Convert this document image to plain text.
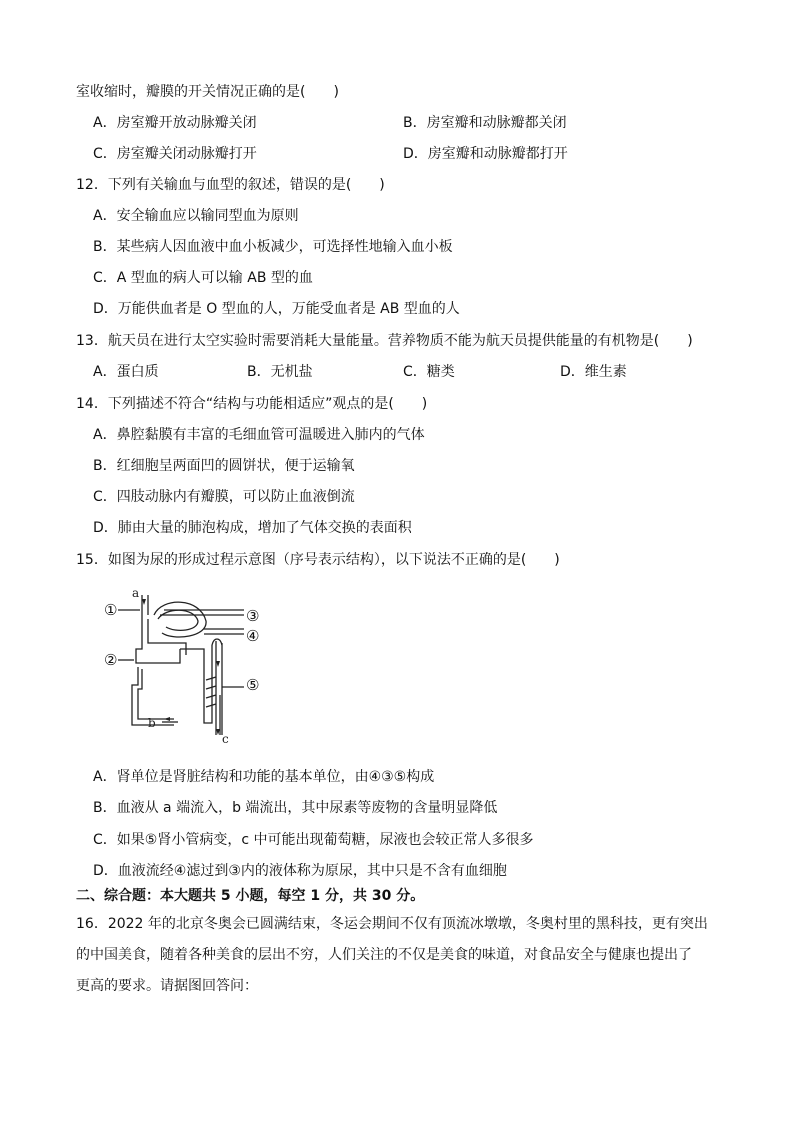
室收缩时，瓣膜的开关情况正确的是(　　)
A．房室瓣开放动脉瓣关闭	B．房室瓣和动脉瓣都关闭
C．房室瓣关闭动脉瓣打开	D．房室瓣和动脉瓣都打开
12．下列有关输血与血型的叙述，错误的是(　　)
A．安全输血应以输同型血为原则
B．某些病人因血液中血小板减少，可选择性地输入血小板
C．A 型血的病人可以输 AB 型的血
D．万能供血者是 O 型血的人，万能受血者是 AB 型血的人
13．航天员在进行太空实验时需要消耗大量能量。营养物质不能为航天员提供能量的有机物是(　　)
A．蛋白质	B．无机盐	C．糖类	D．维生素
14．下列描述不符合“结构与功能相适应”观点的是(　　)
A．鼻腔黏膜有丰富的毛细血管可温暖进入肺内的气体
B．红细胞呈两面凹的圆饼状，便于运输氧
C．四肢动脉内有瓣膜，可以防止血液倒流
D．肺由大量的肺泡构成，增加了气体交换的表面积
15．如图为尿的形成过程示意图（序号表示结构），以下说法不正确的是(　　)
a
b
c
①
②
③
④
⑤
A．肾单位是肾脏结构和功能的基本单位，由④③⑤构成
B．血液从 a 端流入，b 端流出，其中尿素等废物的含量明显降低
C．如果⑤肾小管病变，c 中可能出现葡萄糖，尿液也会较正常人多很多
D．血液流经④滤过到③内的液体称为原尿，其中只是不含有血细胞
二、综合题：本大题共 5 小题，每空 1 分，共 30 分。
16．2022 年的北京冬奥会已圆满结束，冬运会期间不仅有顶流冰墩墩，冬奥村里的黑科技，更有突出
的中国美食，随着各种美食的层出不穷，人们关注的不仅是美食的味道，对食品安全与健康也提出了
更高的要求。请据图回答问：
